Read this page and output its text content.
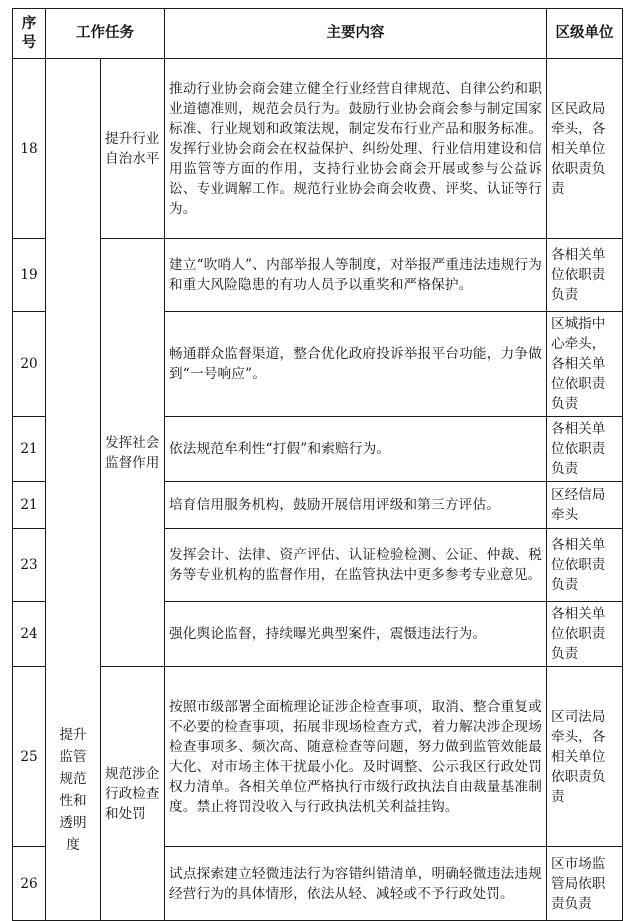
序号	工作任务		主要内容	区级单位
18	提升监管规范性和透明度	提升行业自治水平	推动行业协会商会建立健全行业经营自律规范、自律公约和职业道德准则，规范会员行为。鼓励行业协会商会参与制定国家标准、行业规划和政策法规，制定发布行业产品和服务标准。发挥行业协会商会在权益保护、纠纷处理、行业信用建设和信用监管等方面的作用，支持行业协会商会开展或参与公益诉讼、专业调解工作。规范行业协会商会收费、评奖、认证等行为。	区民政局牵头，各相关单位依职责负责
19		发挥社会监督作用	建立“吹哨人”、内部举报人等制度，对举报严重违法违规行为和重大风险隐患的有功人员予以重奖和严格保护。	各相关单位依职责负责
20			畅通群众监督渠道，整合优化政府投诉举报平台功能，力争做到“一号响应”。	区城指中心牵头，各相关单位依职责负责
21			依法规范牟利性“打假”和索赔行为。	各相关单位依职责负责
21			培育信用服务机构，鼓励开展信用评级和第三方评估。	区经信局牵头
23			发挥会计、法律、资产评估、认证检验检测、公证、仲裁、税务等专业机构的监督作用，在监管执法中更多参考专业意见。	各相关单位依职责负责
24			强化舆论监督，持续曝光典型案件，震慑违法行为。	各相关单位依职责负责
25		规范涉企行政检查和处罚	按照市级部署全面梳理论证涉企检查事项，取消、整合重复或不必要的检查事项，拓展非现场检查方式，着力解决涉企现场检查事项多、频次高、随意检查等问题，努力做到监管效能最大化、对市场主体干扰最小化。及时调整、公示我区行政处罚权力清单。各相关单位严格执行市级行政执法自由裁量基准制度。禁止将罚没收入与行政执法机关利益挂钩。	区司法局牵头，各相关单位依职责负责
26			试点探索建立轻微违法行为容错纠错清单，明确轻微违法违规经营行为的具体情形，依法从轻、减轻或不予行政处罚。	区市场监管局依职责负责
